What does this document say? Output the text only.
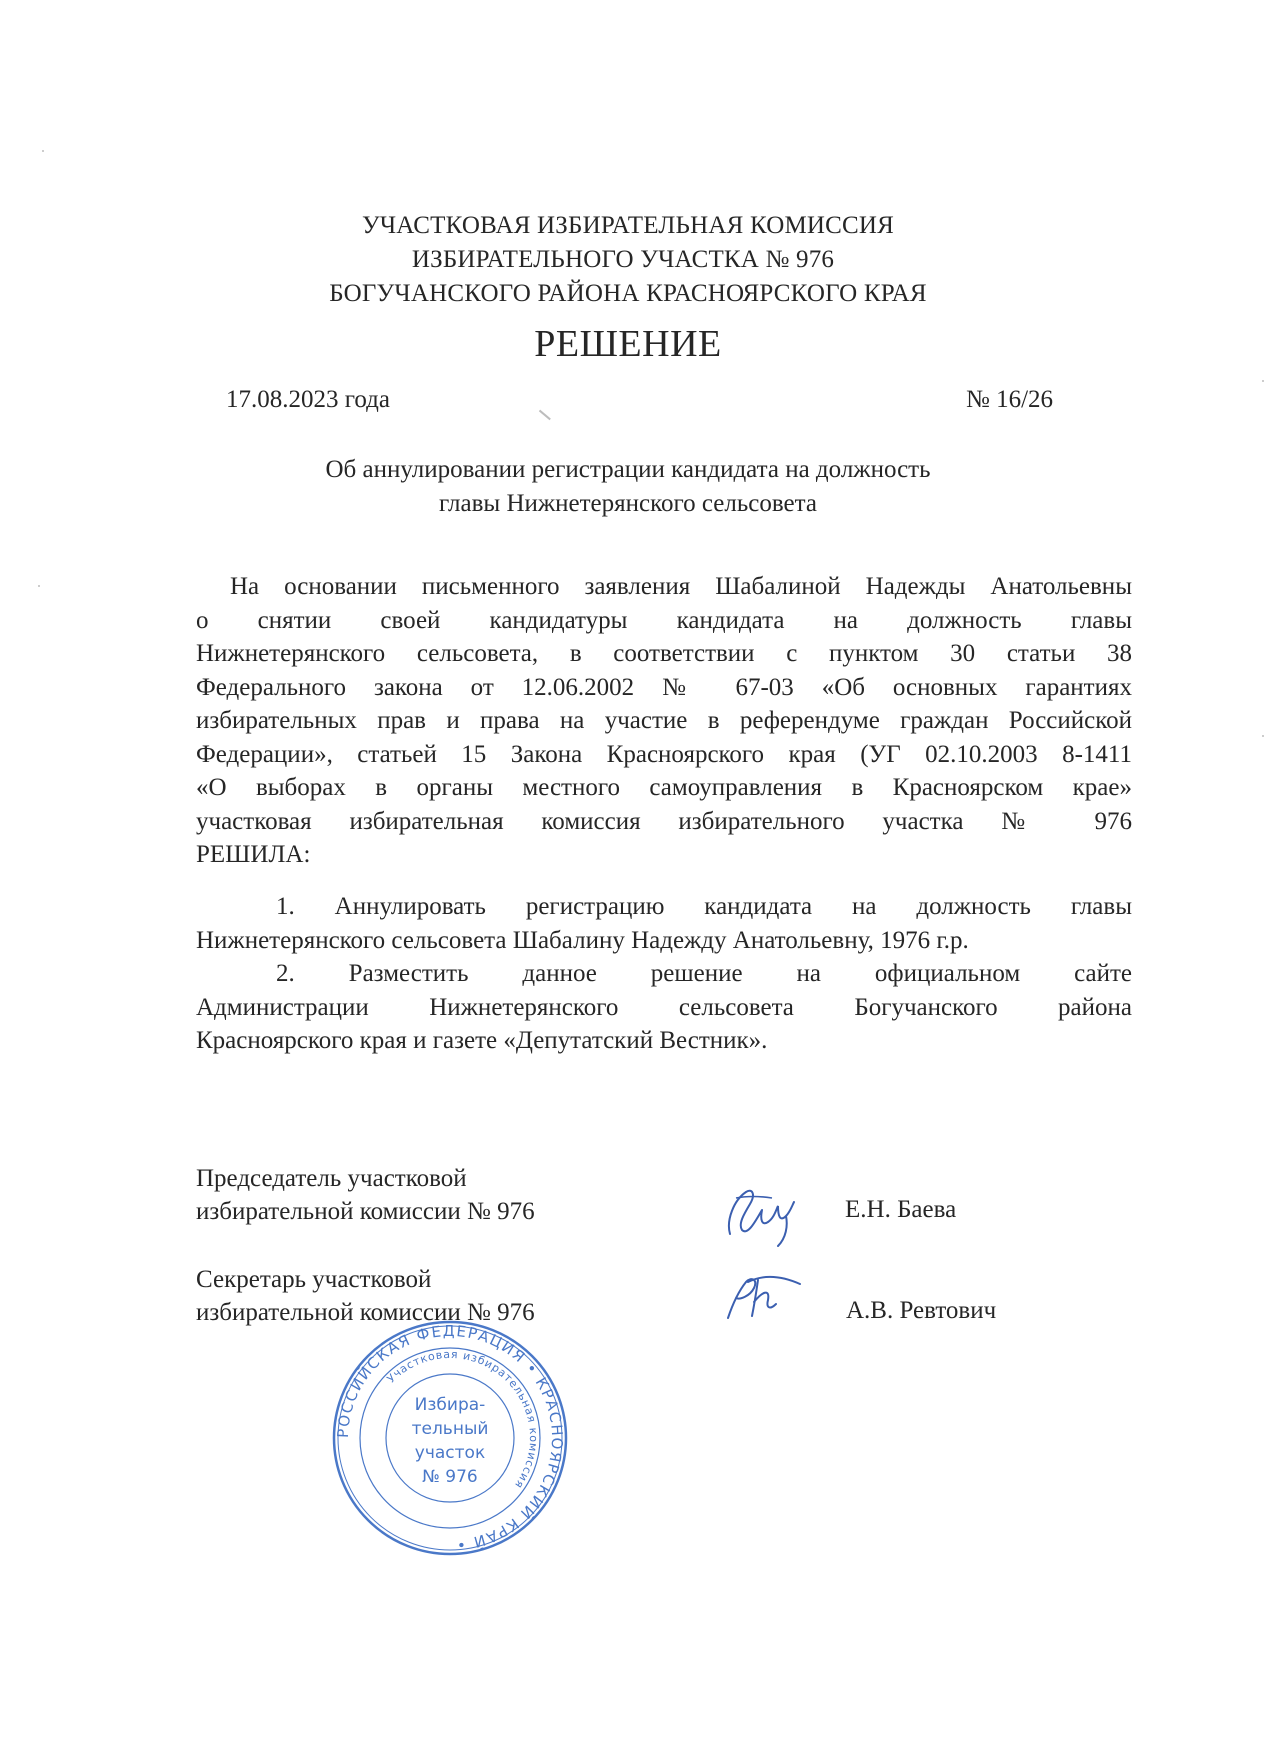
УЧАСТКОВАЯ ИЗБИРАТЕЛЬНАЯ КОМИССИЯ
ИЗБИРАТЕЛЬНОГО УЧАСТКА № 976
БОГУЧАНСКОГО РАЙОНА КРАСНОЯРСКОГО КРАЯ
РЕШЕНИЕ
17.08.2023 года	№ 16/26
Об аннулировании регистрации кандидата на должность
главы Нижнетерянского сельсовета

На основании письменного заявления Шабалиной Надежды Анатольевны

о снятии своей кандидатуры кандидата на должность главы

Нижнетерянского сельсовета, в соответствии с пунктом 30 статьи 38

Федерального закона от 12.06.2002 № 67-03 «Об основных гарантиях

избирательных прав и права на участие в референдуме граждан Российской

Федерации», статьей 15 Закона Красноярского края (УГ 02.10.2003 8-1411

«О выборах в органы местного самоуправления в Красноярском крае»

участковая избирательная комиссия избирательного участка № 976

РЕШИЛА:

1. Аннулировать регистрацию кандидата на должность главы

Нижнетерянского сельсовета Шабалину Надежду Анатольевну, 1976 г.р.

2. Разместить данное решение на официальном сайте

Администрации Нижнетерянского сельсовета Богучанского района

Красноярского края и газете «Депутатский Вестник».

Председатель участковой
избирательной комиссии № 976	Е.Н. Баева
Секретарь участковой
избирательной комиссии № 976	А.В. Ревтович
РОССИЙСКАЯ ФЕДЕРАЦИЯ • КРАСНОЯРСКИЙ КРАЙ •
Участковая избирательная комиссия
Избира-
тельный
участок
№ 976
